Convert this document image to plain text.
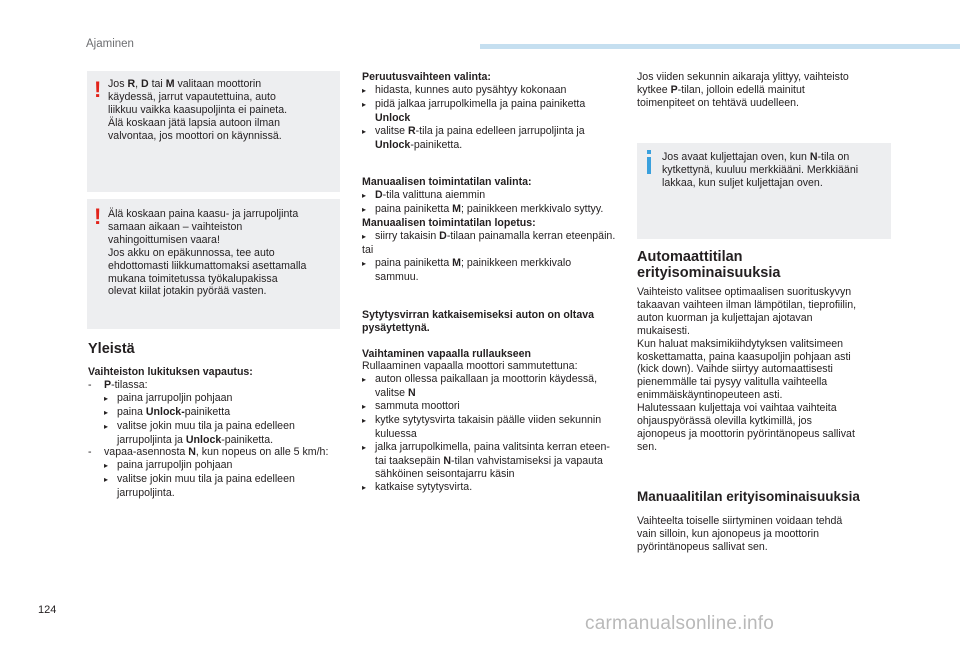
Ajaminen
! Jos R, D tai M valitaan moottorin
käydessä, jarrut vapautettuina, auto
liikkuu vaikka kaasupoljinta ei paineta.
Älä koskaan jätä lapsia autoon ilman
valvontaa, jos moottori on käynnissä.
! Älä koskaan paina kaasu- ja jarrupoljinta
samaan aikaan – vaihteiston
vahingoittumisen vaara!
Jos akku on epäkunnossa, tee auto
ehdottomasti liikkumattomaksi asettamalla
mukana toimitetussa työkalupakissa
olevat kiilat jotakin pyörää vasten.
Yleistä

Vaihteiston lukituksen vapautus:

- P-tilassa:

▸ paina jarrupoljin pohjaan

▸ paina Unlock-painiketta

▸ valitse jokin muu tila ja paina edelleen jarrupoljinta ja Unlock-painiketta.

- vapaa-asennosta N, kun nopeus on alle 5 km/h:

▸ paina jarrupoljin pohjaan

▸ valitse jokin muu tila ja paina edelleen jarrupoljinta.

Peruutusvaihteen valinta:

▸ hidasta, kunnes auto pysähtyy kokonaan

▸ pidä jalkaa jarrupolkimella ja paina painiketta Unlock

▸ valitse R-tila ja paina edelleen jarrupoljinta ja Unlock-painiketta.

Manuaalisen toimintatilan valinta:

▸ D-tila valittuna aiemmin

▸ paina painiketta M; painikkeen merkkivalo syttyy.

Manuaalisen toimintatilan lopetus:

▸ siirry takaisin D-tilaan painamalla kerran eteenpäin.

tai

▸ paina painiketta M; painikkeen merkkivalo sammuu.

Sytytysvirran katkaisemiseksi auton on oltava pysäytettynä.

Vaihtaminen vapaalla rullaukseen

Rullaaminen vapaalla moottori sammutettuna:

▸ auton ollessa paikallaan ja moottorin käydessä, valitse N

▸ sammuta moottori

▸ kytke sytytysvirta takaisin päälle viiden sekunnin kuluessa

▸ jalka jarrupolkimella, paina valitsinta kerran eteen- tai taaksepäin N-tilan vahvistamiseksi ja vapauta sähköinen seisontajarru käsin

▸ katkaise sytytysvirta.

Jos viiden sekunnin aikaraja ylittyy, vaihteisto
kytkee P-tilan, jolloin edellä mainitut
toimenpiteet on tehtävä uudelleen.
Jos avaat kuljettajan oven, kun N-tila on
kytkettynä, kuuluu merkkiääni. Merkkiääni
lakkaa, kun suljet kuljettajan oven.
Automaattitilan
erityisominaisuuksia
Vaihteisto valitsee optimaalisen suorituskyvyn
takaavan vaihteen ilman lämpötilan, tieprofiilin,
auton kuorman ja kuljettajan ajotavan
mukaisesti.
Kun haluat maksimikiihdytyksen valitsimeen
koskettamatta, paina kaasupoljin pohjaan asti
(kick down). Vaihde siirtyy automaattisesti
pienemmälle tai pysyy valitulla vaihteella
enimmäiskäyntinopeuteen asti.
Halutessaan kuljettaja voi vaihtaa vaihteita
ohjauspyörässä olevilla kytkimillä, jos
ajonopeus ja moottorin pyörintänopeus sallivat
sen.
Manuaalitilan erityisominaisuuksia
Vaihteelta toiselle siirtyminen voidaan tehdä
vain silloin, kun ajonopeus ja moottorin
pyörintänopeus sallivat sen.
124
carmanualsonline.info
